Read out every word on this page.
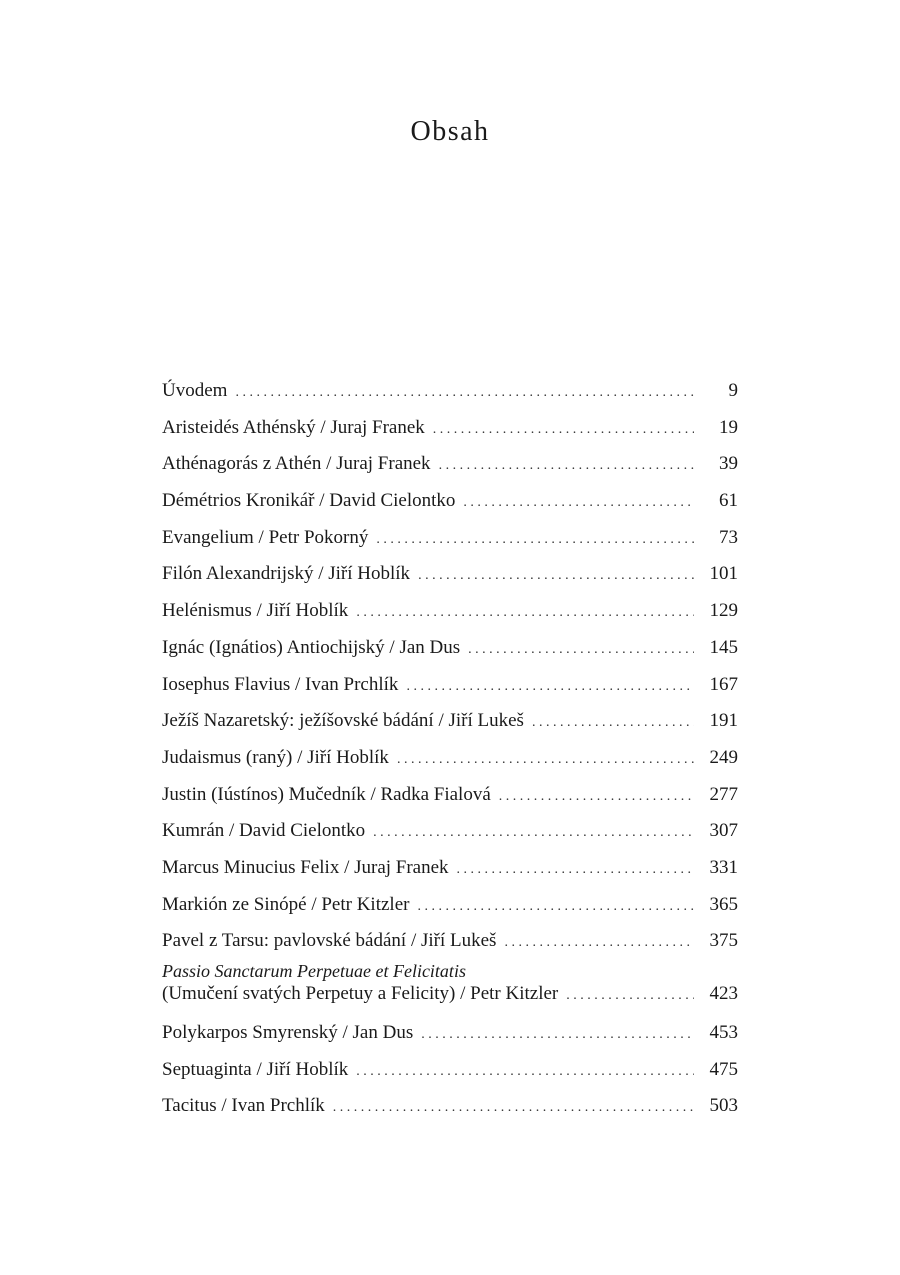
Obsah
Úvodem . . .	9
Aristeidés Athénský / Juraj Franek . . .	19
Athénagorás z Athén / Juraj Franek . . .	39
Démétrios Kronikář / David Cielontko . . .	61
Evangelium / Petr Pokorný . . .	73
Filón Alexandrijský / Jiří Hoblík . . .	101
Helénismus / Jiří Hoblík . . .	129
Ignác (Ignátios) Antiochijský / Jan Dus . . .	145
Iosephus Flavius / Ivan Prchlík . . .	167
Ježíš Nazaretský: ježíšovské bádání / Jiří Lukeš . . .	191
Judaismus (raný) / Jiří Hoblík . . .	249
Justin (Iústínos) Mučedník / Radka Fialová . . .	277
Kumrán / David Cielontko . . .	307
Marcus Minucius Felix / Juraj Franek . . .	331
Markión ze Sinópé / Petr Kitzler . . .	365
Pavel z Tarsu: pavlovské bádání / Jiří Lukeš . . .	375
Passio Sanctarum Perpetuae et Felicitatis
(Umučení svatých Perpetuy a Felicity) / Petr Kitzler . . .	423
Polykarpos Smyrenský / Jan Dus . . .	453
Septuaginta / Jiří Hoblík . . .	475
Tacitus / Ivan Prchlík . . .	503
